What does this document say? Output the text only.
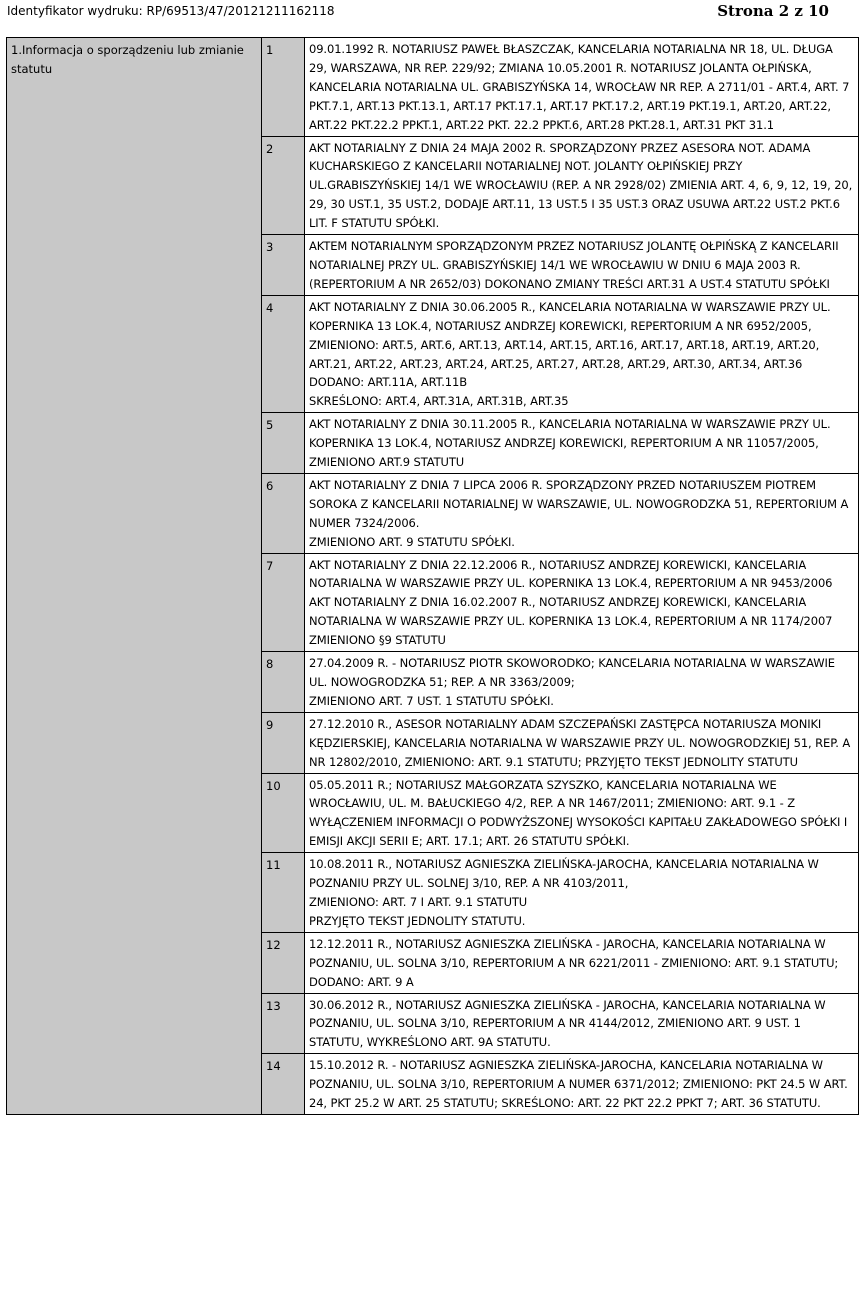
Identyfikator wydruku: RP/69513/47/20121211162118	Strona 2 z 10
1.Informacja o sporządzeniu lub zmianie statutu	1	09.01.1992 R. NOTARIUSZ PAWEŁ BŁASZCZAK, KANCELARIA NOTARIALNA NR 18, UL. DŁUGA 29, WARSZAWA, NR REP. 229/92; ZMIANA 10.05.2001 R. NOTARIUSZ JOLANTA OŁPIŃSKA, KANCELARIA NOTARIALNA UL. GRABISZYŃSKA 14, WROCŁAW NR REP. A 2711/01 - ART.4, ART. 7 PKT.7.1, ART.13 PKT.13.1, ART.17 PKT.17.1, ART.17 PKT.17.2, ART.19 PKT.19.1, ART.20, ART.22, ART.22 PKT.22.2 PPKT.1, ART.22 PKT. 22.2 PPKT.6, ART.28 PKT.28.1, ART.31 PKT 31.1
	2	AKT NOTARIALNY Z DNIA 24 MAJA 2002 R. SPORZĄDZONY PRZEZ ASESORA NOT. ADAMA KUCHARSKIEGO Z KANCELARII NOTARIALNEJ NOT. JOLANTY OŁPIŃSKIEJ PRZY UL.GRABISZYŃSKIEJ 14/1 WE WROCŁAWIU (REP. A NR 2928/02) ZMIENIA ART. 4, 6, 9, 12, 19, 20, 29, 30 UST.1, 35 UST.2, DODAJE ART.11, 13 UST.5 I 35 UST.3 ORAZ USUWA ART.22 UST.2 PKT.6 LIT. F STATUTU SPÓŁKI.
	3	AKTEM NOTARIALNYM SPORZĄDZONYM PRZEZ NOTARIUSZ JOLANTĘ OŁPIŃSKĄ Z KANCELARII NOTARIALNEJ PRZY UL. GRABISZYŃSKIEJ 14/1 WE WROCŁAWIU W DNIU 6 MAJA 2003 R. (REPERTORIUM A NR 2652/03) DOKONANO ZMIANY TREŚCI ART.31 A UST.4 STATUTU SPÓŁKI
	4	AKT NOTARIALNY Z DNIA 30.06.2005 R., KANCELARIA NOTARIALNA W WARSZAWIE PRZY UL. KOPERNIKA 13 LOK.4, NOTARIUSZ ANDRZEJ KOREWICKI, REPERTORIUM A NR 6952/2005, ZMIENIONO: ART.5, ART.6, ART.13, ART.14, ART.15, ART.16, ART.17, ART.18, ART.19, ART.20, ART.21, ART.22, ART.23, ART.24, ART.25, ART.27, ART.28, ART.29, ART.30, ART.34, ART.36
DODANO: ART.11A, ART.11B
SKREŚLONO: ART.4, ART.31A, ART.31B, ART.35
	5	AKT NOTARIALNY Z DNIA 30.11.2005 R., KANCELARIA NOTARIALNA W WARSZAWIE PRZY UL. KOPERNIKA 13 LOK.4, NOTARIUSZ ANDRZEJ KOREWICKI, REPERTORIUM A NR 11057/2005, ZMIENIONO ART.9 STATUTU
	6	AKT NOTARIALNY Z DNIA 7 LIPCA 2006 R. SPORZĄDZONY PRZED NOTARIUSZEM PIOTREM SOROKA Z KANCELARII NOTARIALNEJ W WARSZAWIE, UL. NOWOGRODZKA 51, REPERTORIUM A NUMER 7324/2006.
ZMIENIONO ART. 9 STATUTU SPÓŁKI.
	7	AKT NOTARIALNY Z DNIA 22.12.2006 R., NOTARIUSZ ANDRZEJ KOREWICKI, KANCELARIA NOTARIALNA W WARSZAWIE PRZY UL. KOPERNIKA 13 LOK.4, REPERTORIUM A NR 9453/2006
AKT NOTARIALNY Z DNIA 16.02.2007 R., NOTARIUSZ ANDRZEJ KOREWICKI, KANCELARIA NOTARIALNA W WARSZAWIE PRZY UL. KOPERNIKA 13 LOK.4, REPERTORIUM A NR 1174/2007
ZMIENIONO §9 STATUTU
	8	27.04.2009 R. - NOTARIUSZ PIOTR SKOWORODKO; KANCELARIA NOTARIALNA W WARSZAWIE UL. NOWOGRODZKA 51; REP. A NR 3363/2009;
ZMIENIONO ART. 7 UST. 1 STATUTU SPÓŁKI.
	9	27.12.2010 R., ASESOR NOTARIALNY ADAM SZCZEPAŃSKI ZASTĘPCA NOTARIUSZA MONIKI KĘDZIERSKIEJ, KANCELARIA NOTARIALNA W WARSZAWIE PRZY UL. NOWOGRODZKIEJ 51, REP. A NR 12802/2010, ZMIENIONO: ART. 9.1 STATUTU; PRZYJĘTO TEKST JEDNOLITY STATUTU
	10	05.05.2011 R.; NOTARIUSZ MAŁGORZATA SZYSZKO, KANCELARIA NOTARIALNA WE WROCŁAWIU, UL. M. BAŁUCKIEGO 4/2, REP. A NR 1467/2011; ZMIENIONO: ART. 9.1 - Z WYŁĄCZENIEM INFORMACJI O PODWYŻSZONEJ WYSOKOŚCI KAPITAŁU ZAKŁADOWEGO SPÓŁKI I EMISJI AKCJI SERII E; ART. 17.1; ART. 26 STATUTU SPÓŁKI.
	11	10.08.2011 R., NOTARIUSZ AGNIESZKA ZIELIŃSKA-JAROCHA, KANCELARIA NOTARIALNA W POZNANIU PRZY UL. SOLNEJ 3/10, REP. A NR 4103/2011,
ZMIENIONO: ART. 7 I ART. 9.1 STATUTU
PRZYJĘTO TEKST JEDNOLITY STATUTU.
	12	12.12.2011 R., NOTARIUSZ AGNIESZKA ZIELIŃSKA - JAROCHA, KANCELARIA NOTARIALNA W POZNANIU, UL. SOLNA 3/10, REPERTORIUM A NR 6221/2011 - ZMIENIONO: ART. 9.1 STATUTU; DODANO: ART. 9 A
	13	30.06.2012 R., NOTARIUSZ AGNIESZKA ZIELIŃSKA - JAROCHA, KANCELARIA NOTARIALNA W POZNANIU, UL. SOLNA 3/10, REPERTORIUM A NR 4144/2012, ZMIENIONO ART. 9 UST. 1 STATUTU, WYKREŚLONO ART. 9A STATUTU.
	14	15.10.2012 R. - NOTARIUSZ AGNIESZKA ZIELIŃSKA-JAROCHA, KANCELARIA NOTARIALNA W POZNANIU, UL. SOLNA 3/10, REPERTORIUM A NUMER 6371/2012; ZMIENIONO: PKT 24.5 W ART. 24, PKT 25.2 W ART. 25 STATUTU; SKREŚLONO: ART. 22 PKT 22.2 PPKT 7; ART. 36 STATUTU.
